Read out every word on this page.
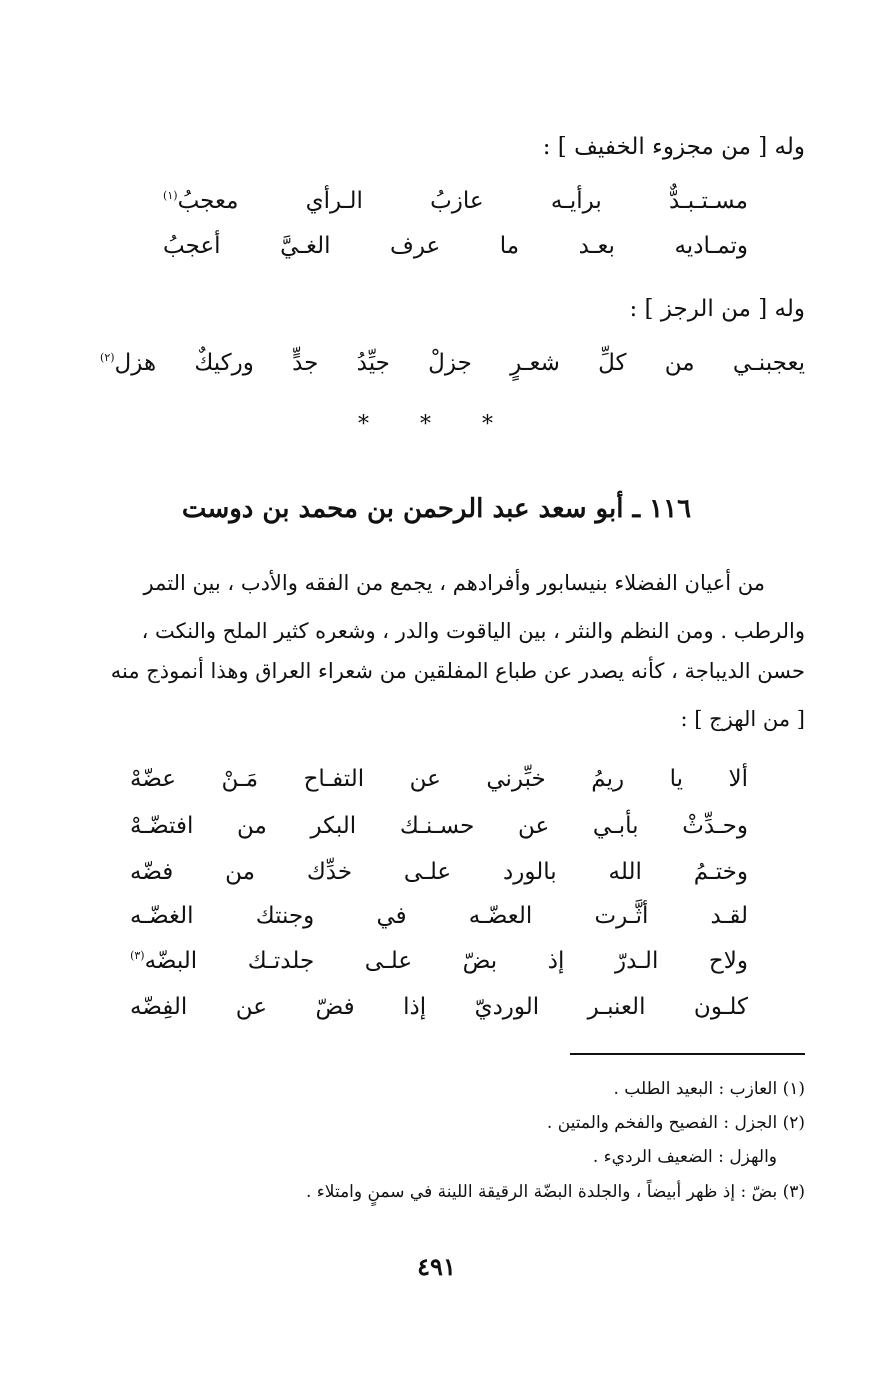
وله [ من مجزوء الخفيف ] :
مسـتـبـدٌّ
برأيـه
عازبُ
الـرأي
معجبُ(١)
وتمـاديه
بعـد
ما
عرف
الغـيَّ
أعجبُ
وله [ من الرجز ] :
يعجبنـي
من
كلِّ
شعـرٍ
جزلْ
جيِّدُ
جدٍّ
وركيكٌ
هزل(٢)
* * *
١١٦ ـ أبو سعد عبد الرحمن بن محمد بن دوست
من أعيان الفضلاء بنيسابور وأفرادهم ، يجمع من الفقه والأدب ، بين التمر
والرطب . ومن النظم والنثر ، بين الياقوت والدر ، وشعره كثير الملح والنكت ،
حسن الديباجة ، كأنه يصدر عن طباع المفلقين من شعراء العراق وهذا أنموذج منه
[ من الهزج ] :
ألا
يا
ريمُ
خبِّرني
عن
التفـاح
مَـنْ
عضّهْ
وحـدِّثْ
بأبـي
عن
حسـنـك
البكر
من
افتضّـهْ
وختـمُ
الله
بالورد
علـى
خدِّك
من
فضّه
لقـد
أثَّـرت
العضّـه
في
وجنتك
الغضّـه
ولاح
الـدرّ
إذ
بضّ
علـى
جلدتـك
البضّه(٣)
كلـون
العنبـر
الورديّ
إذا
فضّ
عن
الفِضّه
(١) العازب : البعيد الطلب .
(٢) الجزل : الفصيح والفخم والمتين .
والهزل : الضعيف الرديء .
(٣) بضّ : إذ ظهر أبيضاً ، والجلدة البضّة الرقيقة اللينة في سمنٍ وامتلاء .
٤٩١
